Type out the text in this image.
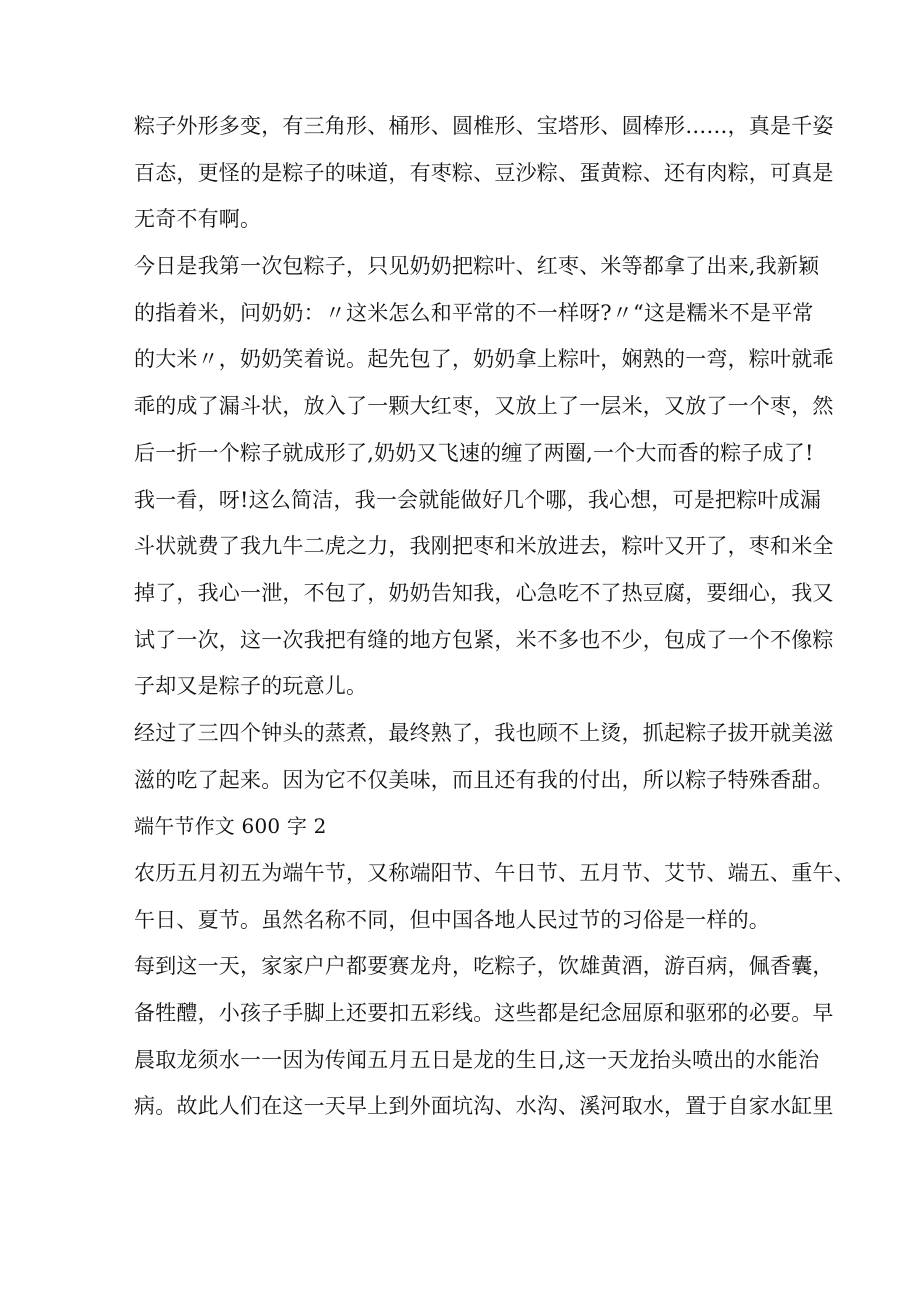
粽子外形多变，有三角形、桶形、圆椎形、宝塔形、圆棒形……，真是千姿
百态，更怪的是粽子的味道，有枣粽、豆沙粽、蛋黄粽、还有肉粽，可真是
无奇不有啊。
今日是我第一次包粽子，只见奶奶把粽叶、红枣、米等都拿了出来,我新颖
的指着米，问奶奶：〃这米怎么和平常的不一样呀?〃“这是糯米不是平常
的大米〃，奶奶笑着说。起先包了，奶奶拿上粽叶，娴熟的一弯，粽叶就乖
乖的成了漏斗状，放入了一颗大红枣，又放上了一层米，又放了一个枣，然
后一折一个粽子就成形了,奶奶又飞速的缠了两圈,一个大而香的粽子成了!
我一看，呀!这么简洁，我一会就能做好几个哪，我心想，可是把粽叶成漏
斗状就费了我九牛二虎之力，我刚把枣和米放进去，粽叶又开了，枣和米全
掉了，我心一泄，不包了，奶奶告知我，心急吃不了热豆腐，要细心，我又
试了一次，这一次我把有缝的地方包紧，米不多也不少，包成了一个不像粽
子却又是粽子的玩意儿。
经过了三四个钟头的蒸煮，最终熟了，我也顾不上烫，抓起粽子拔开就美滋
滋的吃了起来。因为它不仅美味，而且还有我的付出，所以粽子特殊香甜。
端午节作文 600 字 2
农历五月初五为端午节，又称端阳节、午日节、五月节、艾节、端五、重午、
午日、夏节。虽然名称不同，但中国各地人民过节的习俗是一样的。
每到这一天，家家户户都要赛龙舟，吃粽子，饮雄黄酒，游百病，佩香囊，
备牲醴，小孩子手脚上还要扣五彩线。这些都是纪念屈原和驱邪的必要。早
晨取龙须水一一因为传闻五月五日是龙的生日,这一天龙抬头喷出的水能治
病。故此人们在这一天早上到外面坑沟、水沟、溪河取水，置于自家水缸里
